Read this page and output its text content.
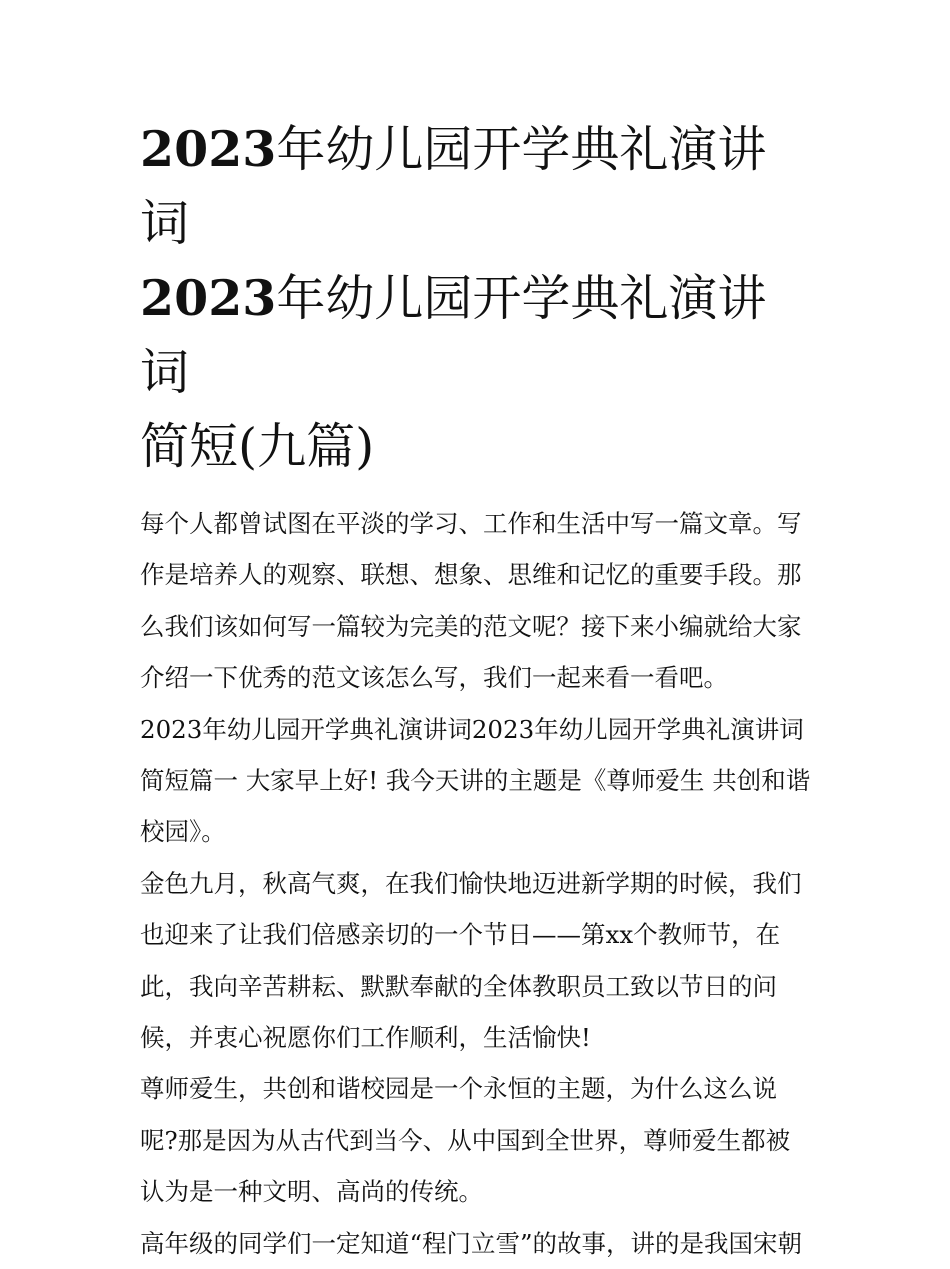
2023年幼儿园开学典礼演讲词
2023年幼儿园开学典礼演讲词
简短(九篇)

每个人都曾试图在平淡的学习、工作和生活中写一篇文章。写作是培养人的观察、联想、想象、思维和记忆的重要手段。那么我们该如何写一篇较为完美的范文呢？接下来小编就给大家介绍一下优秀的范文该怎么写，我们一起来看一看吧。

2023年幼儿园开学典礼演讲词2023年幼儿园开学典礼演讲词简短篇一 大家早上好! 我今天讲的主题是《尊师爱生 共创和谐校园》。

金色九月，秋高气爽，在我们愉快地迈进新学期的时候，我们也迎来了让我们倍感亲切的一个节日——第xx个教师节，在此，我向辛苦耕耘、默默奉献的全体教职员工致以节日的问候，并衷心祝愿你们工作顺利，生活愉快!

尊师爱生，共创和谐校园是一个永恒的主题，为什么这么说呢?那是因为从古代到当今、从中国到全世界，尊师爱生都被认为是一种文明、高尚的传统。

高年级的同学们一定知道“程门立雪”的故事，讲的是我国宋朝
